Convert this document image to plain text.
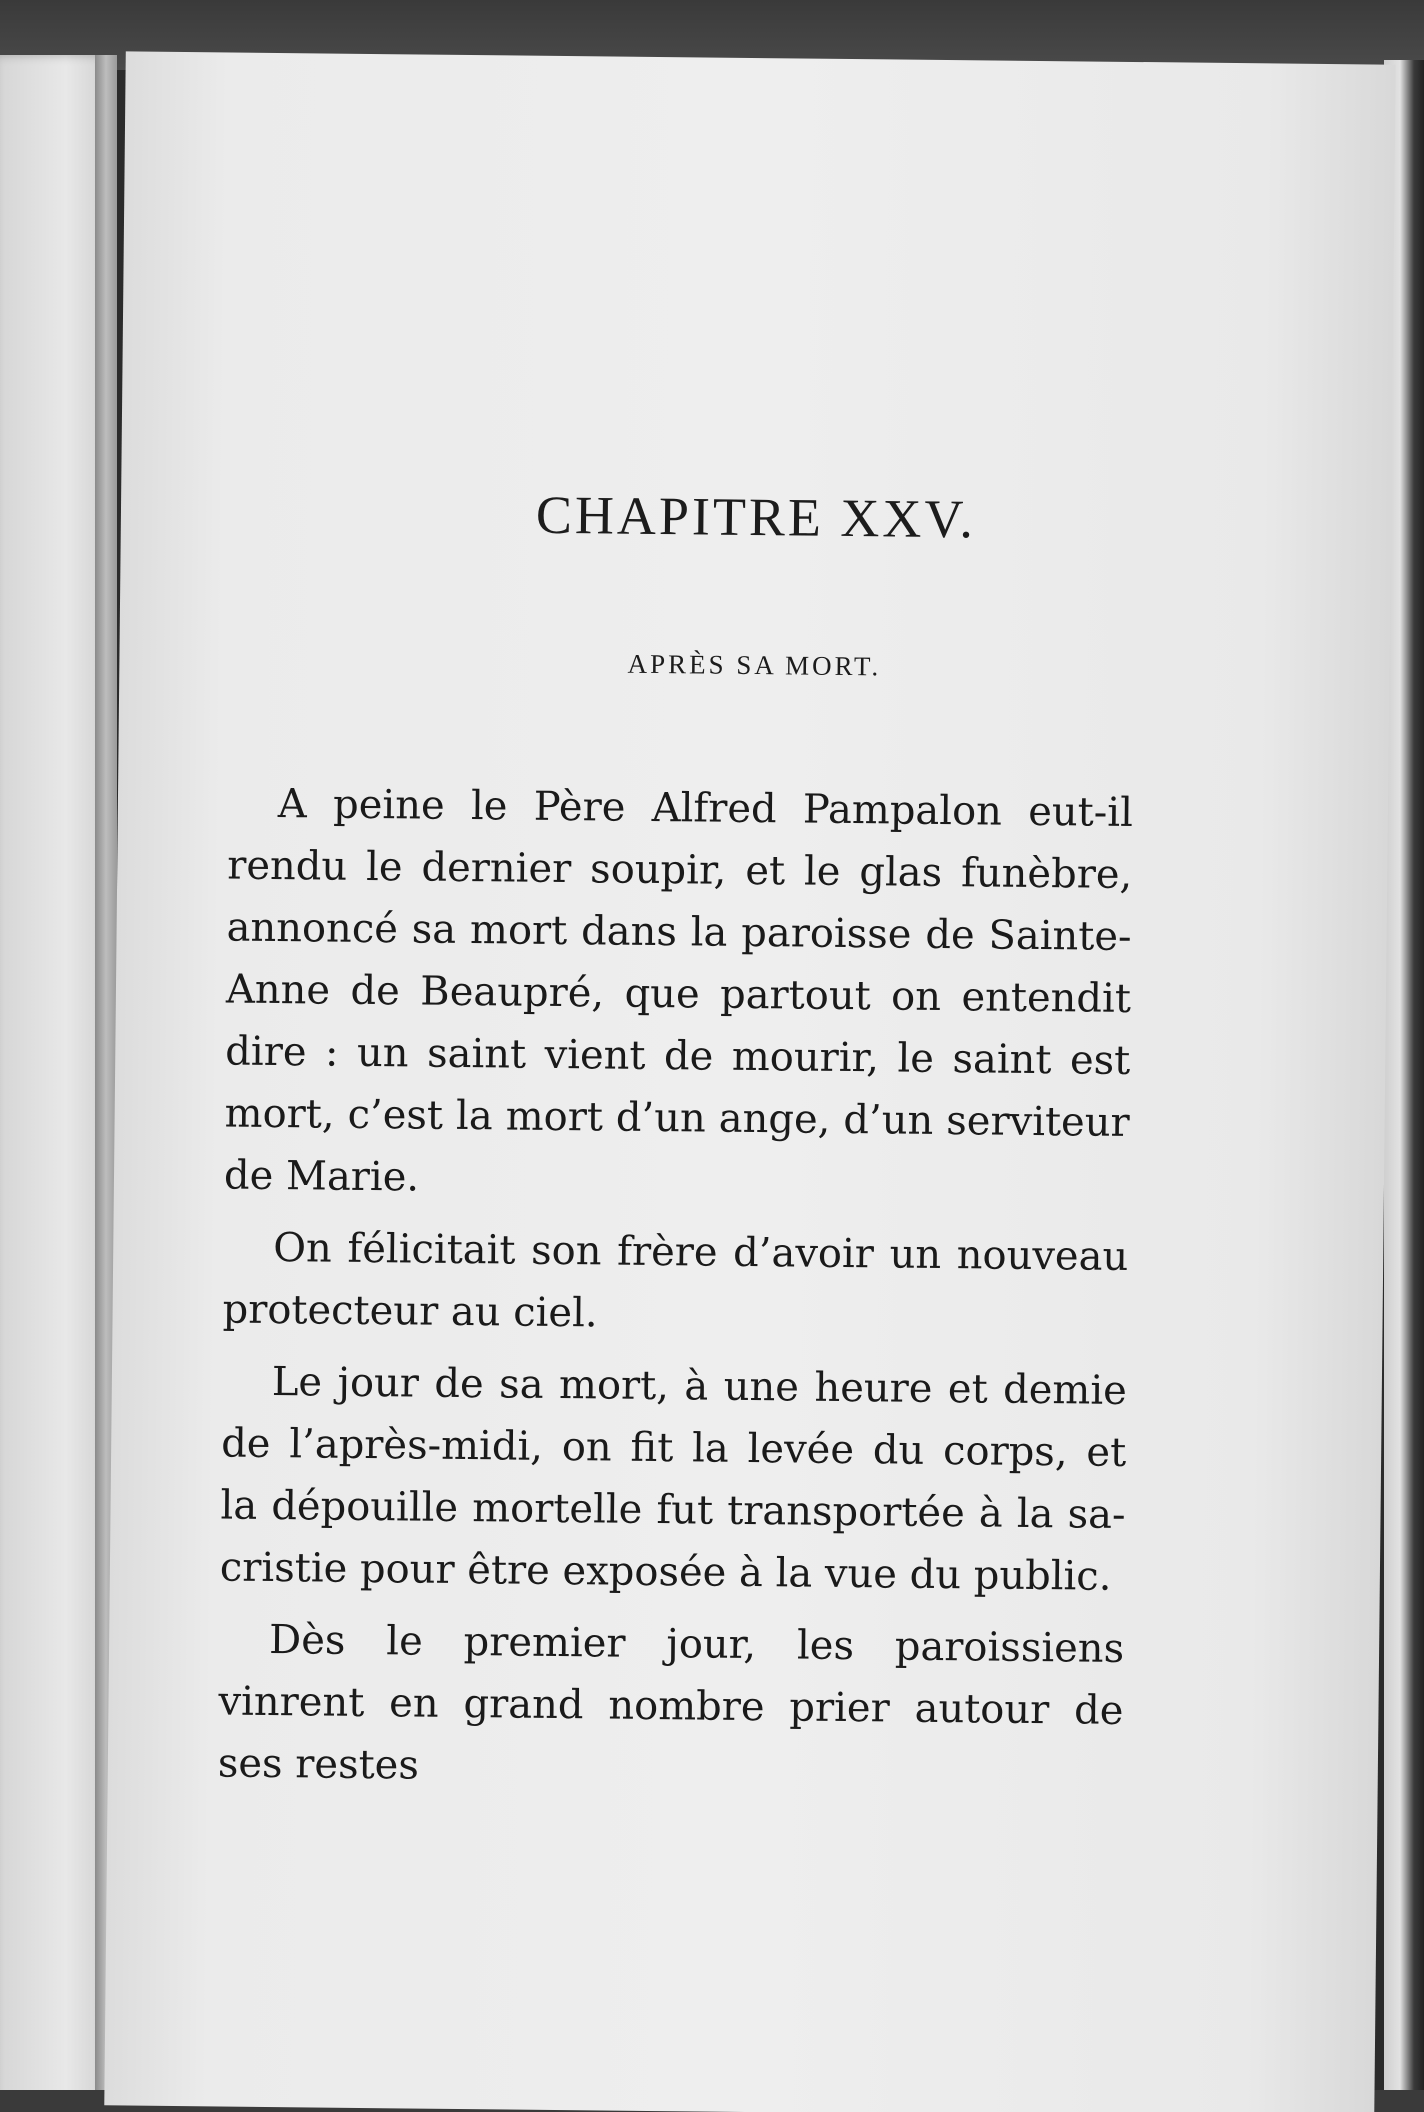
CHAPITRE XXV.
APRÈS SA MORT.

A peine le Père Alfred Pampalon eut-il rendu le dernier soupir, et le glas funèbre, annoncé sa mort dans la paroisse de Sainte-Anne de Beaupré, que partout on entendit dire : un saint vient de mourir, le saint est mort, c’est la mort d’un ange, d’un serviteur de Marie.

On félicitait son frère d’avoir un nouveau protecteur au ciel.

Le jour de sa mort, à une heure et demie de l’après-midi, on fit la levée du corps, et la dépouille mortelle fut transportée à la sacristie pour être exposée à la vue du public.

Dès le premier jour, les paroissiens vinrent en grand nombre prier autour de ses restes
